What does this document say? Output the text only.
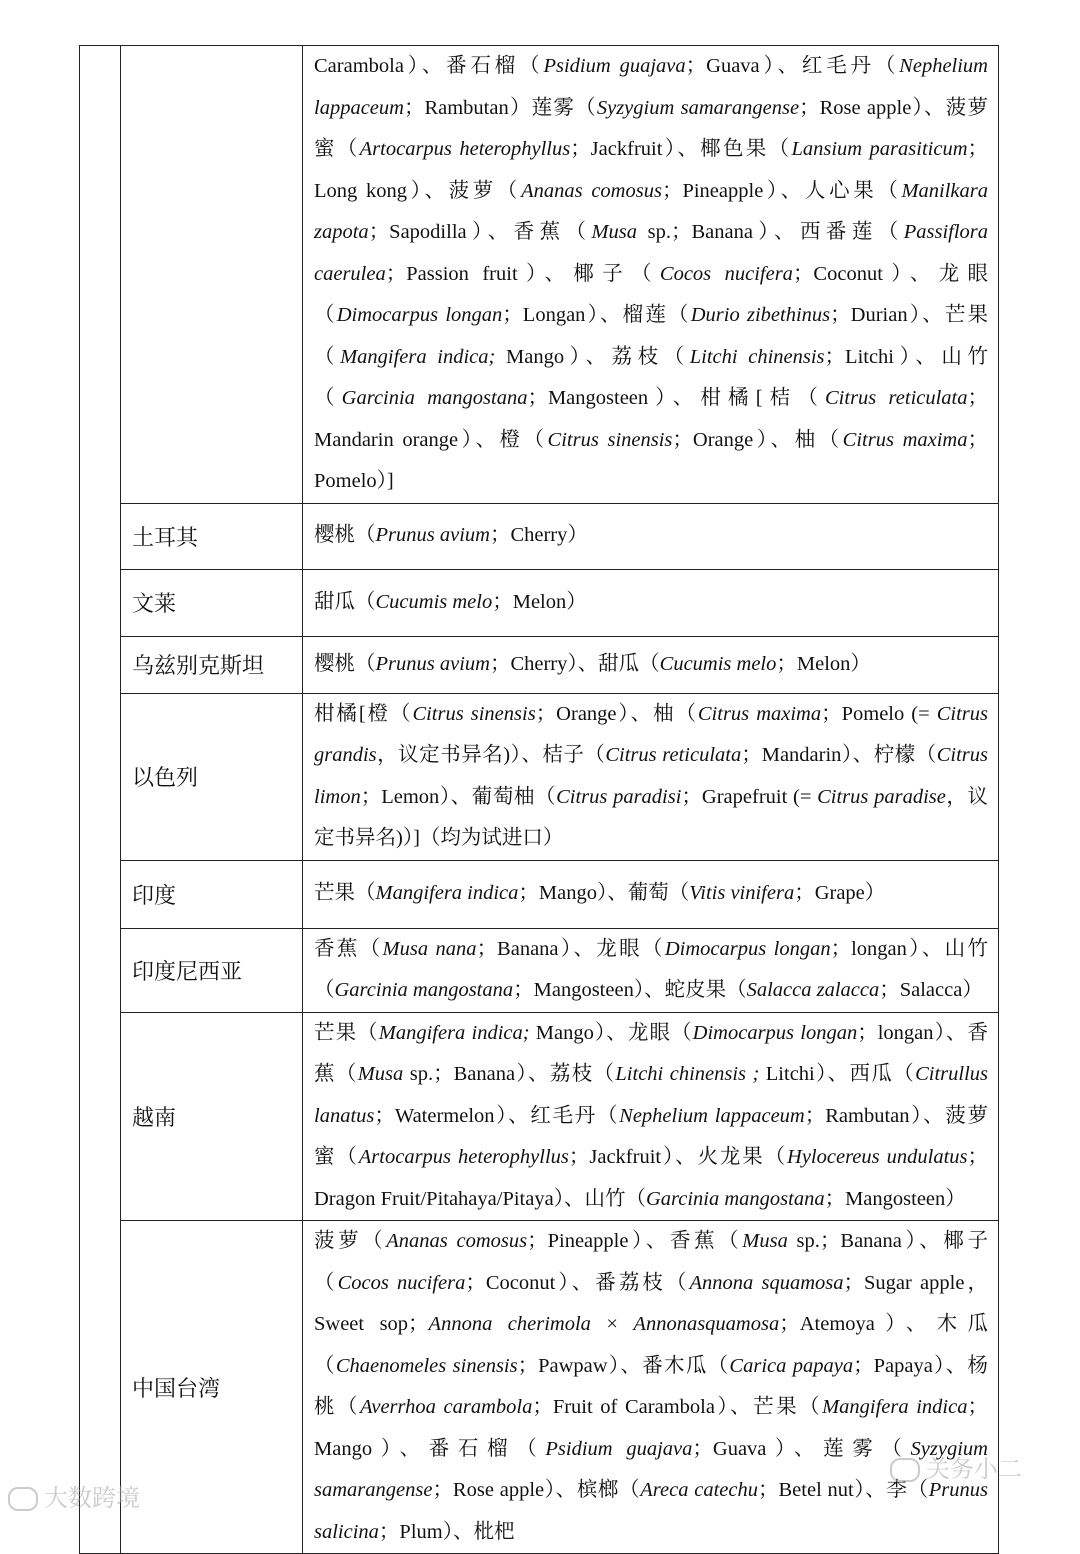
		Carambola）、番石榴（Psidium guajava；Guava）、红毛丹（Nephelium lappaceum；Rambutan）莲雾（Syzygium samarangense；Rose apple）、菠萝蜜（Artocarpus heterophyllus；Jackfruit）、椰色果（Lansium parasiticum；Long kong）、菠萝（Ananas comosus；Pineapple）、人心果（Manilkara zapota；Sapodilla）、香蕉（Musa sp.；Banana）、西番莲（Passiflora caerulea；Passion fruit）、椰子（Cocos nucifera；Coconut）、龙眼（Dimocarpus longan；Longan）、榴莲（Durio zibethinus；Durian）、芒果（Mangifera indica; Mango）、荔枝（Litchi chinensis；Litchi）、山竹（Garcinia mangostana；Mangosteen）、柑橘[桔（Citrus reticulata；Mandarin orange）、橙（Citrus sinensis；Orange）、柚（Citrus maxima；Pomelo）]

	土耳其	樱桃（Prunus avium；Cherry）

	文莱	甜瓜（Cucumis melo；Melon）

	乌兹别克斯坦	樱桃（Prunus avium；Cherry）、甜瓜（Cucumis melo；Melon）

	以色列	柑橘[橙（Citrus sinensis；Orange）、柚（Citrus maxima；Pomelo (= Citrus grandis，议定书异名)）、桔子（Citrus reticulata；Mandarin）、柠檬（Citrus limon；Lemon）、葡萄柚（Citrus paradisi；Grapefruit (= Citrus paradise，议定书异名)）]（均为试进口）

	印度	芒果（Mangifera indica；Mango）、葡萄（Vitis vinifera；Grape）

	印度尼西亚	香蕉（Musa nana；Banana）、龙眼（Dimocarpus longan；longan）、山竹（Garcinia mangostana；Mangosteen）、蛇皮果（Salacca zalacca；Salacca）

	越南	芒果（Mangifera indica; Mango）、龙眼（Dimocarpus longan；longan）、香蕉（Musa sp.；Banana）、荔枝（Litchi chinensis ; Litchi）、西瓜（Citrullus lanatus；Watermelon）、红毛丹（Nephelium lappaceum；Rambutan）、菠萝蜜（Artocarpus heterophyllus；Jackfruit）、火龙果（Hylocereus undulatus；Dragon Fruit/Pitahaya/Pitaya）、山竹（Garcinia mangostana；Mangosteen）

	中国台湾	菠萝（Ananas comosus；Pineapple）、香蕉（Musa sp.；Banana）、椰子（Cocos nucifera；Coconut）、番荔枝（Annona squamosa；Sugar apple，Sweet sop；Annona cherimola × Annonasquamosa；Atemoya）、木瓜（Chaenomeles sinensis；Pawpaw）、番木瓜（Carica papaya；Papaya）、杨桃（Averrhoa carambola；Fruit of Carambola）、芒果（Mangifera indica；Mango）、番石榴（Psidium guajava；Guava）、莲雾（Syzygium samarangense；Rose apple）、槟榔（Areca catechu；Betel nut）、李（Prunus salicina；Plum）、枇杷
大数跨境
关务小二
